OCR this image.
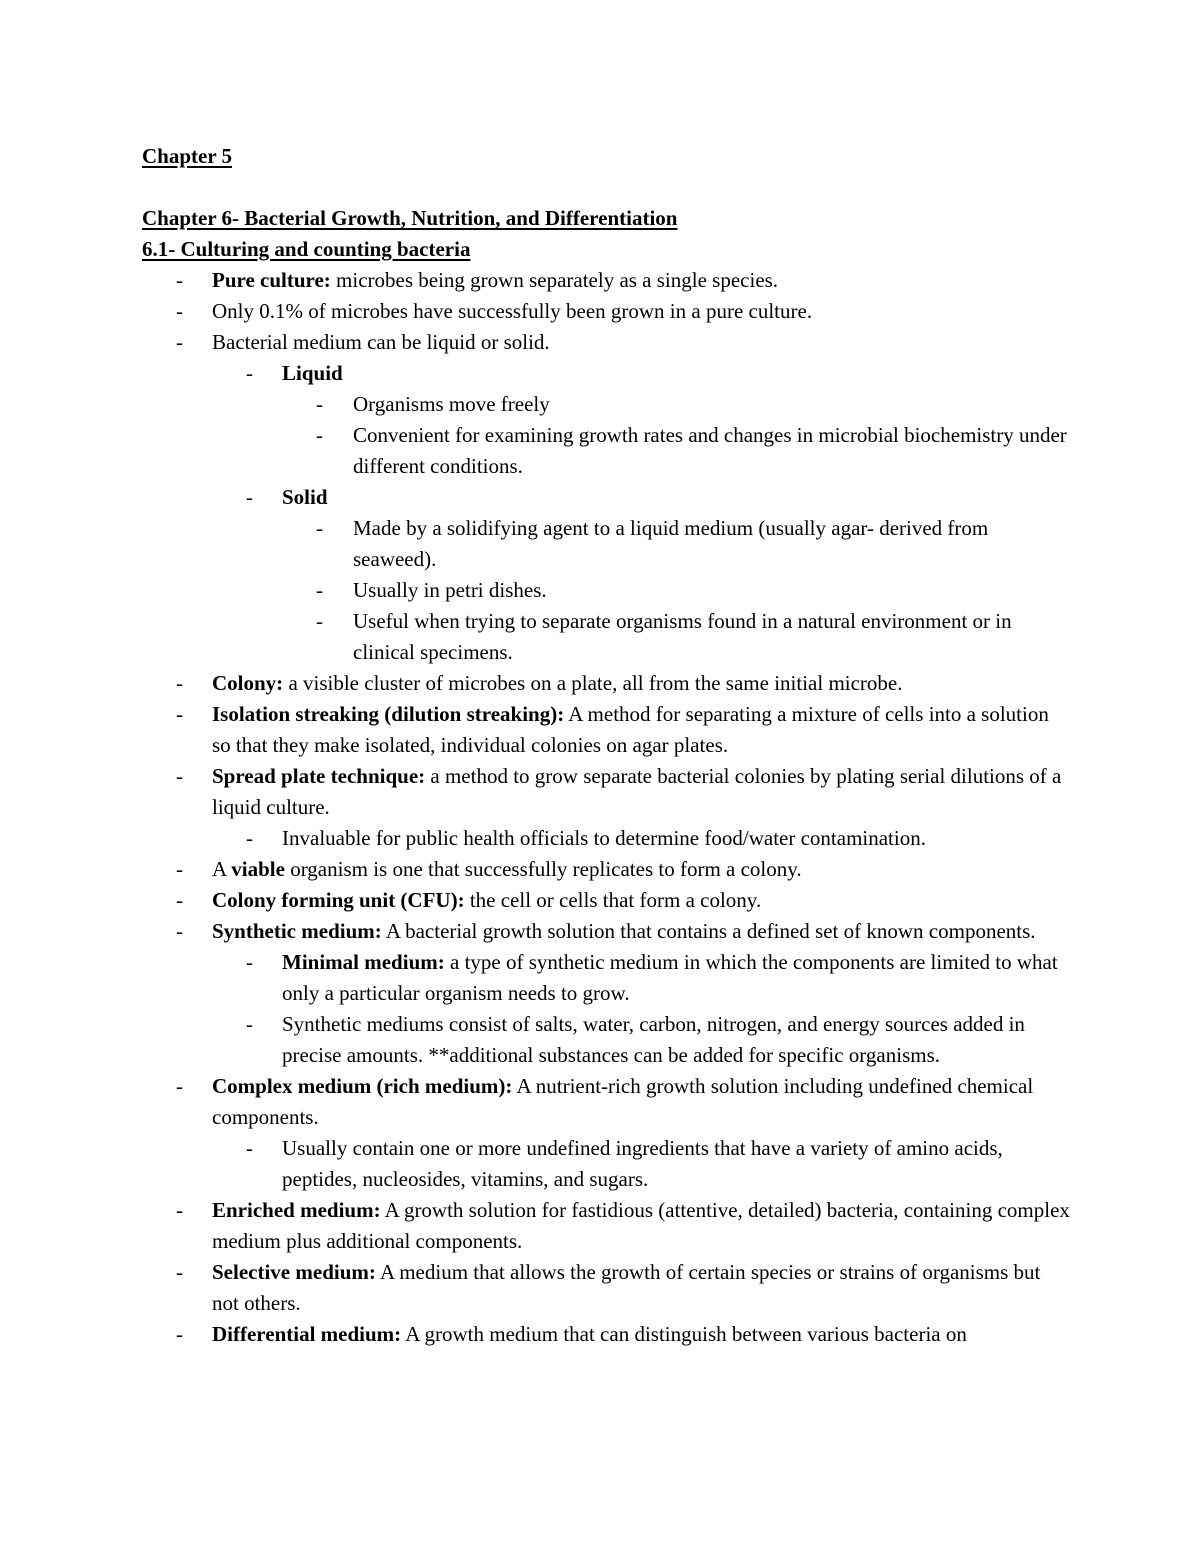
Chapter 5
Chapter 6- Bacterial Growth, Nutrition, and Differentiation
6.1- Culturing and counting bacteria
-	Pure culture: microbes being grown separately as a single species.
-	Only 0.1% of microbes have successfully been grown in a pure culture.
-	Bacterial medium can be liquid or solid.
-	Liquid
-	Organisms move freely
-	Convenient for examining growth rates and changes in microbial biochemistry under different conditions.
-	Solid
-	Made by a solidifying agent to a liquid medium (usually agar- derived from seaweed).
-	Usually in petri dishes.
-	Useful when trying to separate organisms found in a natural environment or in clinical specimens.
-	Colony: a visible cluster of microbes on a plate, all from the same initial microbe.
-	Isolation streaking (dilution streaking): A method for separating a mixture of cells into a solution so that they make isolated, individual colonies on agar plates.
-	Spread plate technique: a method to grow separate bacterial colonies by plating serial dilutions of a liquid culture.
-	Invaluable for public health officials to determine food/water contamination.
-	A viable organism is one that successfully replicates to form a colony.
-	Colony forming unit (CFU): the cell or cells that form a colony.
-	Synthetic medium: A bacterial growth solution that contains a defined set of known components.
-	Minimal medium: a type of synthetic medium in which the components are limited to what only a particular organism needs to grow.
-	Synthetic mediums consist of salts, water, carbon, nitrogen, and energy sources added in precise amounts. **additional substances can be added for specific organisms.
-	Complex medium (rich medium): A nutrient-rich growth solution including undefined chemical components.
-	Usually contain one or more undefined ingredients that have a variety of amino acids, peptides, nucleosides, vitamins, and sugars.
-	Enriched medium: A growth solution for fastidious (attentive, detailed) bacteria, containing complex medium plus additional components.
-	Selective medium: A medium that allows the growth of certain species or strains of organisms but not others.
-	Differential medium: A growth medium that can distinguish between various bacteria on
